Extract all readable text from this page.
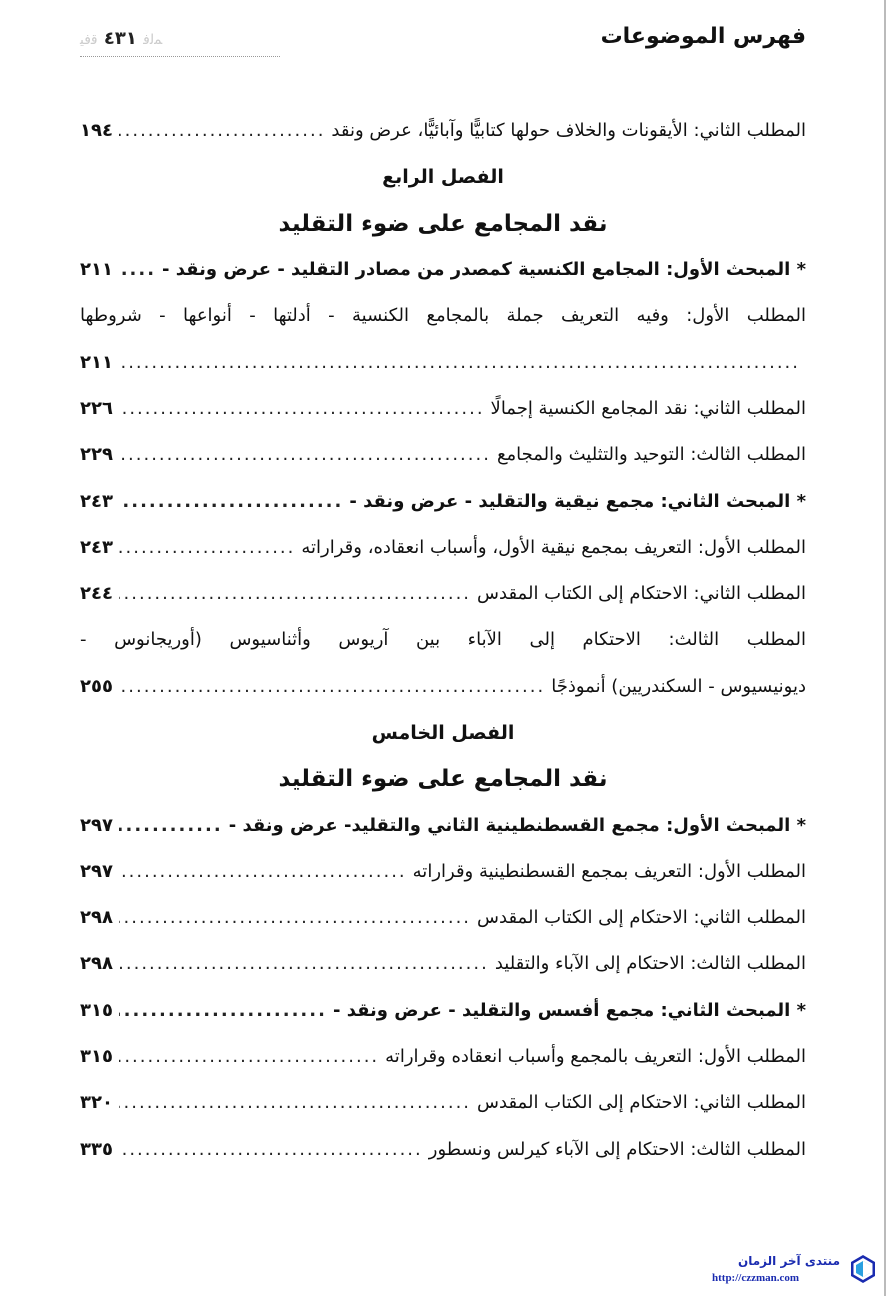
فهرس الموضوعات
ﻤﻟﻓ ٤٣١ ﻗﻓﻴ
المطلب الثاني: الأيقونات والخلاف حولها كتابيًّا وآبائيًّا، عرض ونقد
.....
١٩٤
الفصل الرابع
نقد المجامع على ضوء التقليد
* المبحث الأول: المجامع الكنسية كمصدر من مصادر التقليد - عرض ونقد -
.....
٢١١
المطلب الأول: وفيه التعريف جملة بالمجامع الكنسية - أدلتها - أنواعها - شروطها
.....
٢١١
المطلب الثاني: نقد المجامع الكنسية إجمالًا
.....
٢٢٦
المطلب الثالث: التوحيد والتثليث والمجامع
.....
٢٢٩
* المبحث الثاني: مجمع نيقية والتقليد - عرض ونقد -
.....
٢٤٣
المطلب الأول: التعريف بمجمع نيقية الأول، وأسباب انعقاده، وقراراته
.....
٢٤٣
المطلب الثاني: الاحتكام إلى الكتاب المقدس
.....
٢٤٤
المطلب الثالث: الاحتكام إلى الآباء بين آريوس وأثناسيوس (أوريجانوس -
ديونيسيوس - السكندريين) أنموذجًا
.....
٢٥٥
الفصل الخامس
نقد المجامع على ضوء التقليد
* المبحث الأول: مجمع القسطنطينية الثاني والتقليد- عرض ونقد -
.....
٢٩٧
المطلب الأول: التعريف بمجمع القسطنطينية وقراراته
.....
٢٩٧
المطلب الثاني: الاحتكام إلى الكتاب المقدس
.....
٢٩٨
المطلب الثالث: الاحتكام إلى الآباء والتقليد
.....
٢٩٨
* المبحث الثاني: مجمع أفسس والتقليد - عرض ونقد -
.....
٣١٥
المطلب الأول: التعريف بالمجمع وأسباب انعقاده وقراراته
.....
٣١٥
المطلب الثاني: الاحتكام إلى الكتاب المقدس
.....
٣٢٠
المطلب الثالث: الاحتكام إلى الآباء كيرلس ونسطور
.....
٣٣٥
منتدى آخر الزمان
http://czzman.com
